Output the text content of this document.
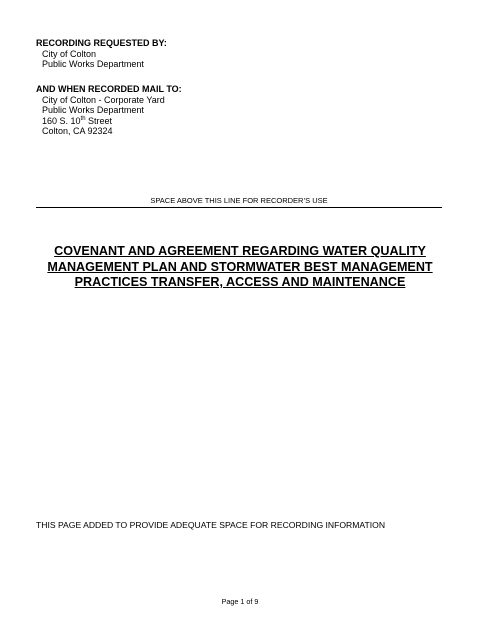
RECORDING REQUESTED BY:
City of Colton
Public Works Department
AND WHEN RECORDED MAIL TO:
City of Colton - Corporate Yard
Public Works Department
160 S. 10th Street
Colton, CA 92324
SPACE ABOVE THIS LINE FOR RECORDER’S USE
COVENANT AND AGREEMENT REGARDING WATER QUALITY
MANAGEMENT PLAN AND STORMWATER BEST MANAGEMENT
PRACTICES TRANSFER, ACCESS AND MAINTENANCE
THIS PAGE ADDED TO PROVIDE ADEQUATE SPACE FOR RECORDING INFORMATION
Page 1 of 9
